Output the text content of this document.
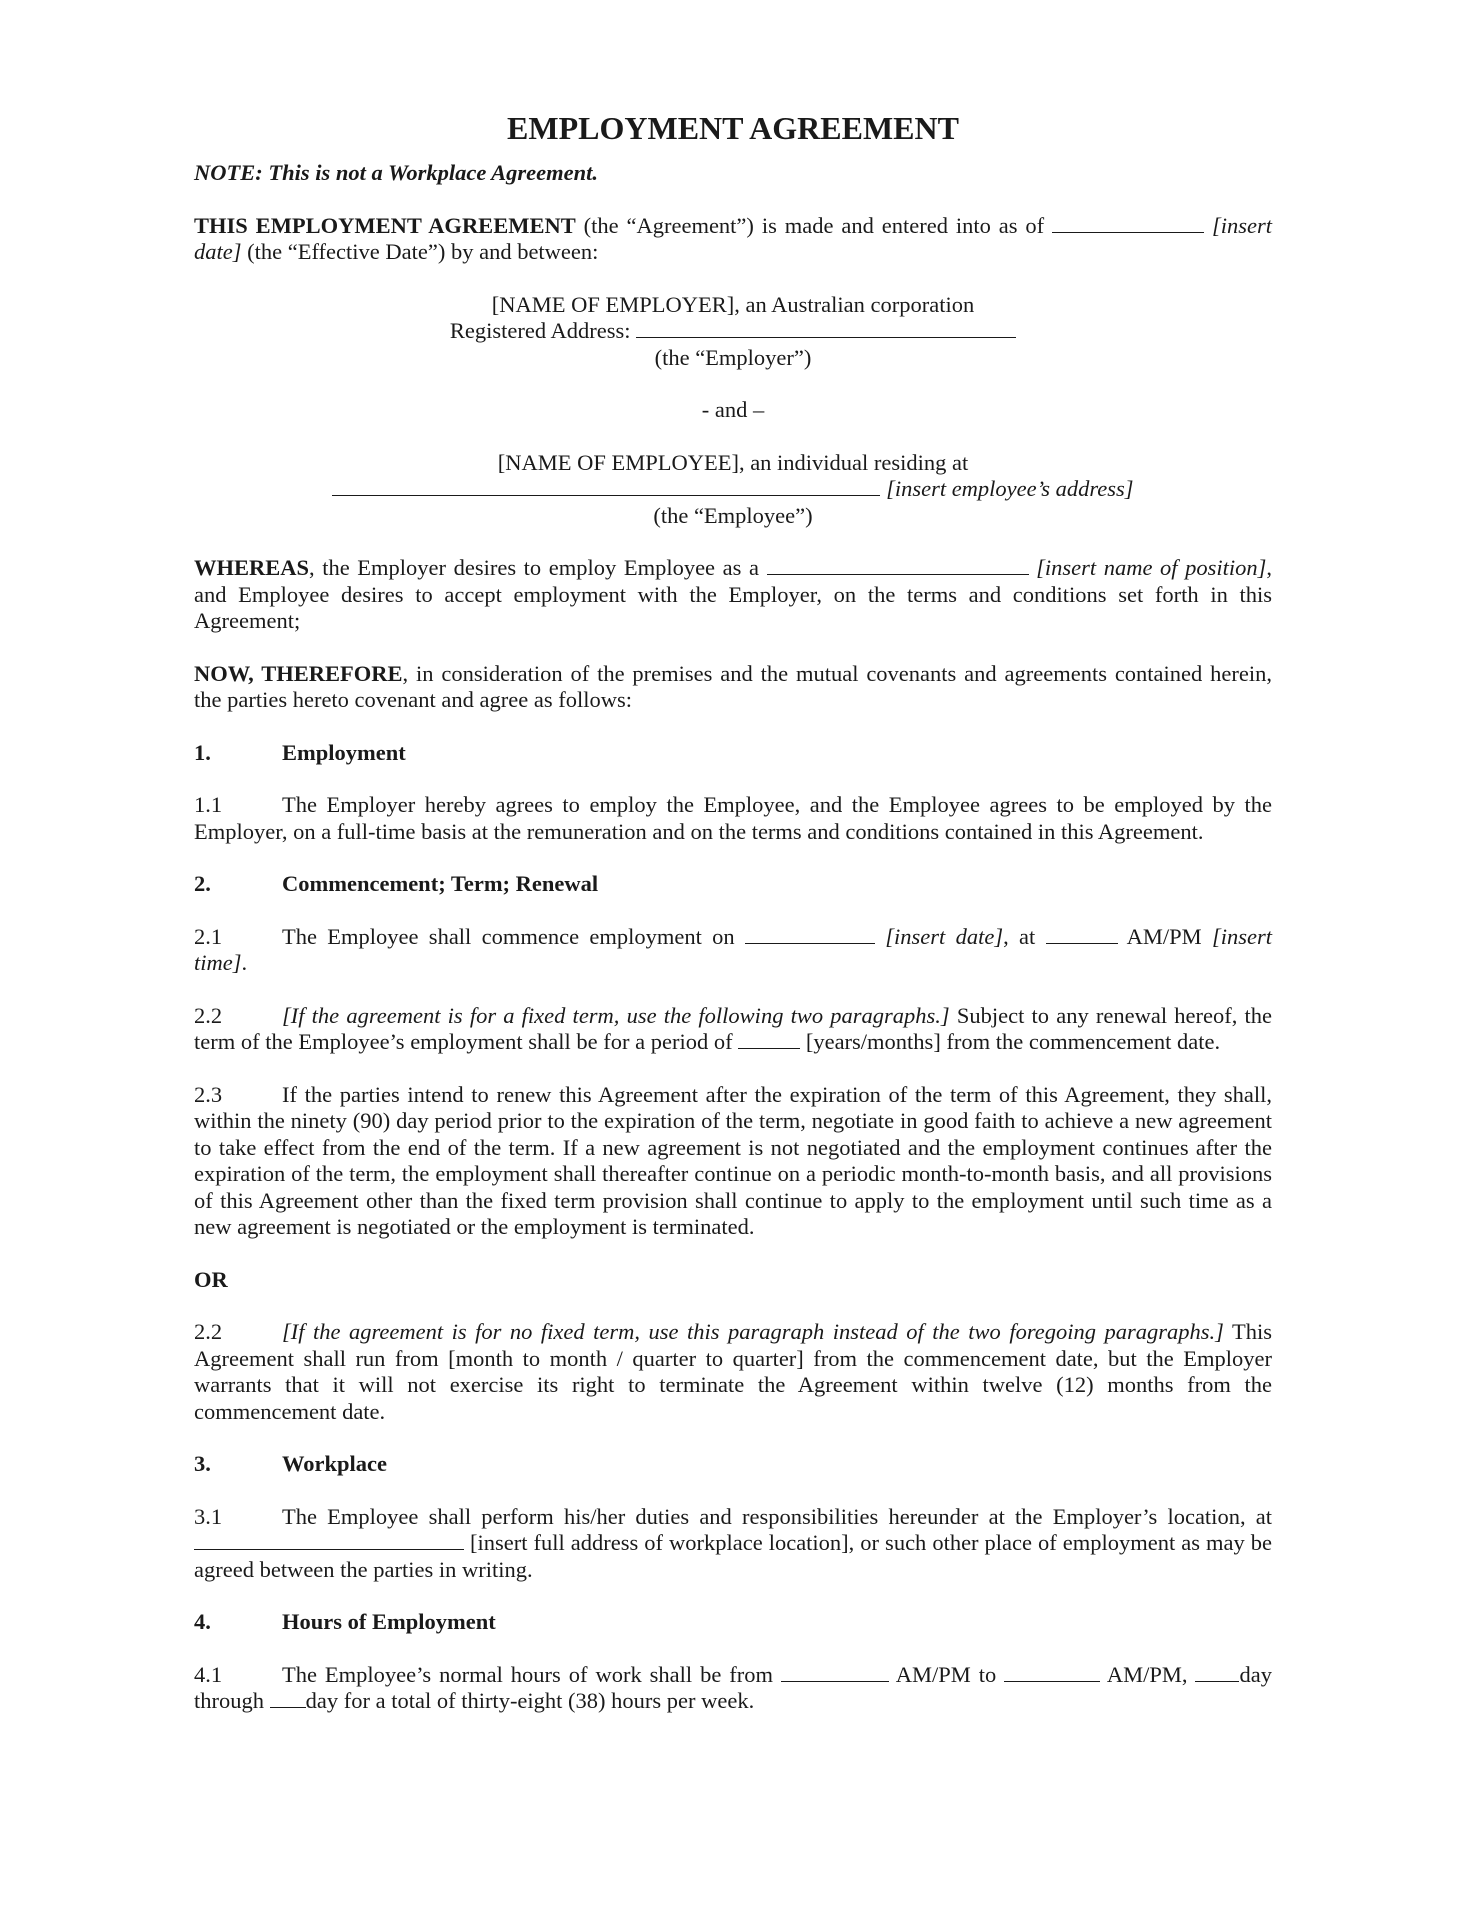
EMPLOYMENT AGREEMENT
NOTE: This is not a Workplace Agreement.

THIS EMPLOYMENT AGREEMENT (the “Agreement”) is made and entered into as of	[insert date] (the “Effective Date”) by and between:

[NAME OF EMPLOYER], an Australian corporation
Registered Address:
(the “Employer”)
- and –
[NAME OF EMPLOYEE], an individual residing at
[insert employee’s address]
(the “Employee”)

WHEREAS, the Employer desires to employ Employee as a	[insert name of position], and Employee desires to accept employment with the Employer, on the terms and conditions set forth in this Agreement;

NOW, THEREFORE, in consideration of the premises and the mutual covenants and agreements contained herein, the parties hereto covenant and agree as follows:

1.	Employment

1.1	The Employer hereby agrees to employ the Employee, and the Employee agrees to be employed by the Employer, on a full-time basis at the remuneration and on the terms and conditions contained in this Agreement.

2.	Commencement; Term; Renewal

2.1	The Employee shall commence employment on	[insert date], at	AM/PM [insert time].

2.2	[If the agreement is for a fixed term, use the following two paragraphs.] Subject to any renewal hereof, the term of the Employee’s employment shall be for a period of	[years/months] from the commencement date.

2.3	If the parties intend to renew this Agreement after the expiration of the term of this Agreement, they shall, within the ninety (90) day period prior to the expiration of the term, negotiate in good faith to achieve a new agreement to take effect from the end of the term. If a new agreement is not negotiated and the employment continues after the expiration of the term, the employment shall thereafter continue on a periodic month-to-month basis, and all provisions of this Agreement other than the fixed term provision shall continue to apply to the employment until such time as a new agreement is negotiated or the employment is terminated.

OR

2.2	[If the agreement is for no fixed term, use this paragraph instead of the two foregoing paragraphs.] This Agreement shall run from [month to month / quarter to quarter] from the commencement date, but the Employer warrants that it will not exercise its right to terminate the Agreement within twelve (12) months from the commencement date.

3.	Workplace

3.1	The Employee shall perform his/her duties and responsibilities hereunder at the Employer’s location, at  [insert full address of workplace location], or such other place of employment as may be agreed between the parties in writing.

4.	Hours of Employment

4.1	The Employee’s normal hours of work shall be from	AM/PM to	AM/PM, day through day for a total of thirty-eight (38) hours per week.
